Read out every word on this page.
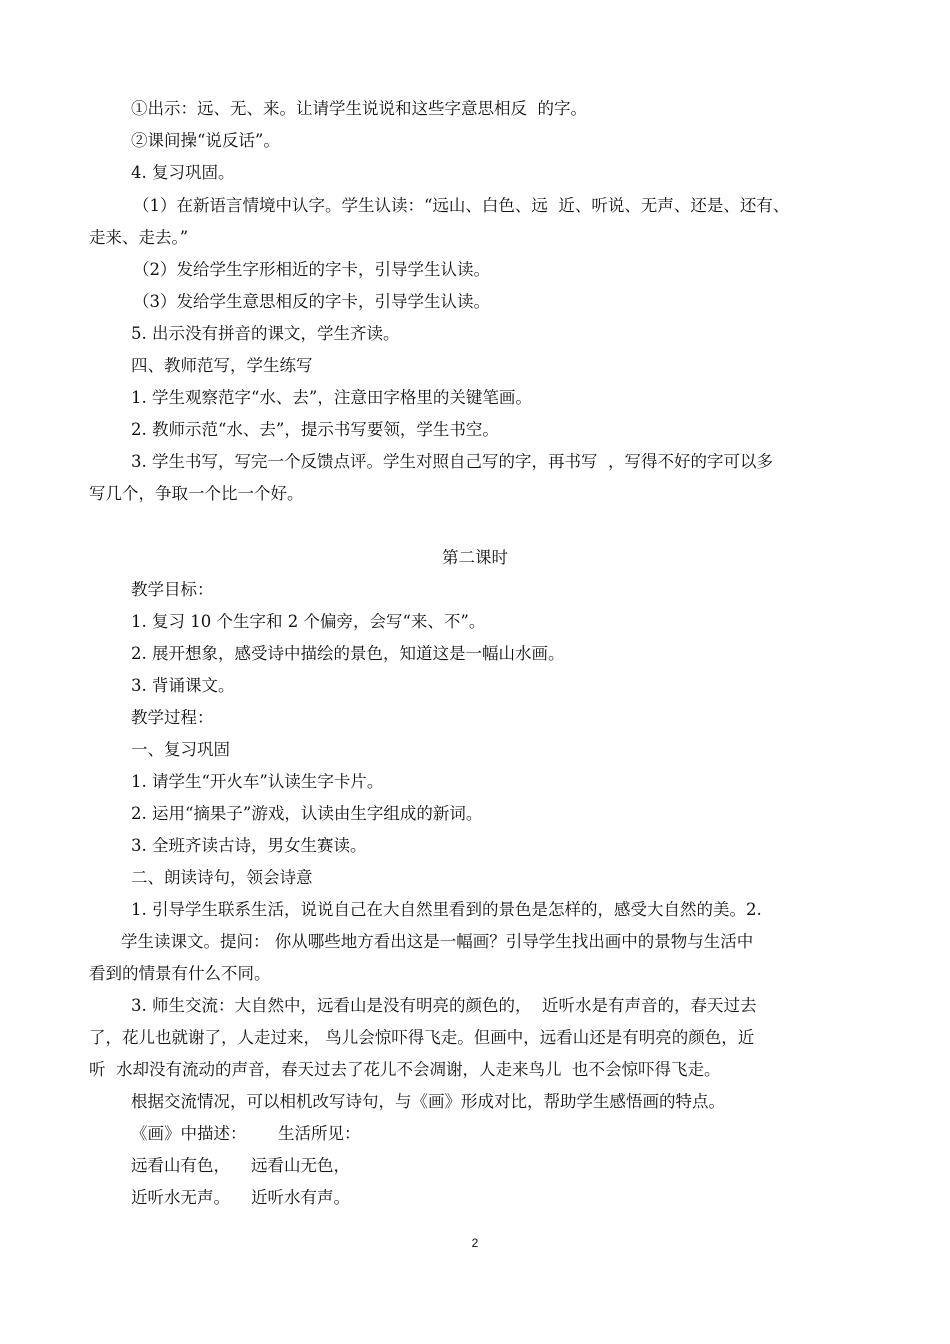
①出示：远、无、来。让请学生说说和这些字意思相反  的字。
②课间操“说反话”。
4. 复习巩固。
（1）在新语言情境中认字。学生认读：“远山、白色、远  近、听说、无声、还是、还有、
走来、走去。”
（2）发给学生字形相近的字卡，引导学生认读。
（3）发给学生意思相反的字卡，引导学生认读。
5. 出示没有拼音的课文，学生齐读。
四、教师范写，学生练写
1. 学生观察范字“水、去”，注意田字格里的关键笔画。
2. 教师示范“水、去”，提示书写要领，学生书空。
3. 学生书写，写完一个反馈点评。学生对照自己写的字，再书写  ，写得不好的字可以多
写几个，争取一个比一个好。
第二课时
教学目标：
1. 复习 10 个生字和 2 个偏旁，会写“来、不”。
2. 展开想象，感受诗中描绘的景色，知道这是一幅山水画。
3. 背诵课文。
教学过程：
一、复习巩固
1. 请学生“开火车”认读生字卡片。
2. 运用“摘果子”游戏，认读由生字组成的新词。
3. 全班齐读古诗，男女生赛读。
二、朗读诗句，领会诗意
1. 引导学生联系生活，说说自己在大自然里看到的景色是怎样的，感受大自然的美。2.
学生读课文。提问： 你从哪些地方看出这是一幅画？引导学生找出画中的景物与生活中
看到的情景有什么不同。
3. 师生交流：大自然中，远看山是没有明亮的颜色的，  近听水是有声音的，春天过去
了，花儿也就谢了，人走过来， 鸟儿会惊吓得飞走。但画中，远看山还是有明亮的颜色，近
听  水却没有流动的声音，春天过去了花儿不会凋谢，人走来鸟儿  也不会惊吓得飞走。
根据交流情况，可以相机改写诗句，与《画》形成对比，帮助学生感悟画的特点。
《画》中描述：      生活所见：
远看山有色，    远看山无色，
近听水无声。    近听水有声。
2
